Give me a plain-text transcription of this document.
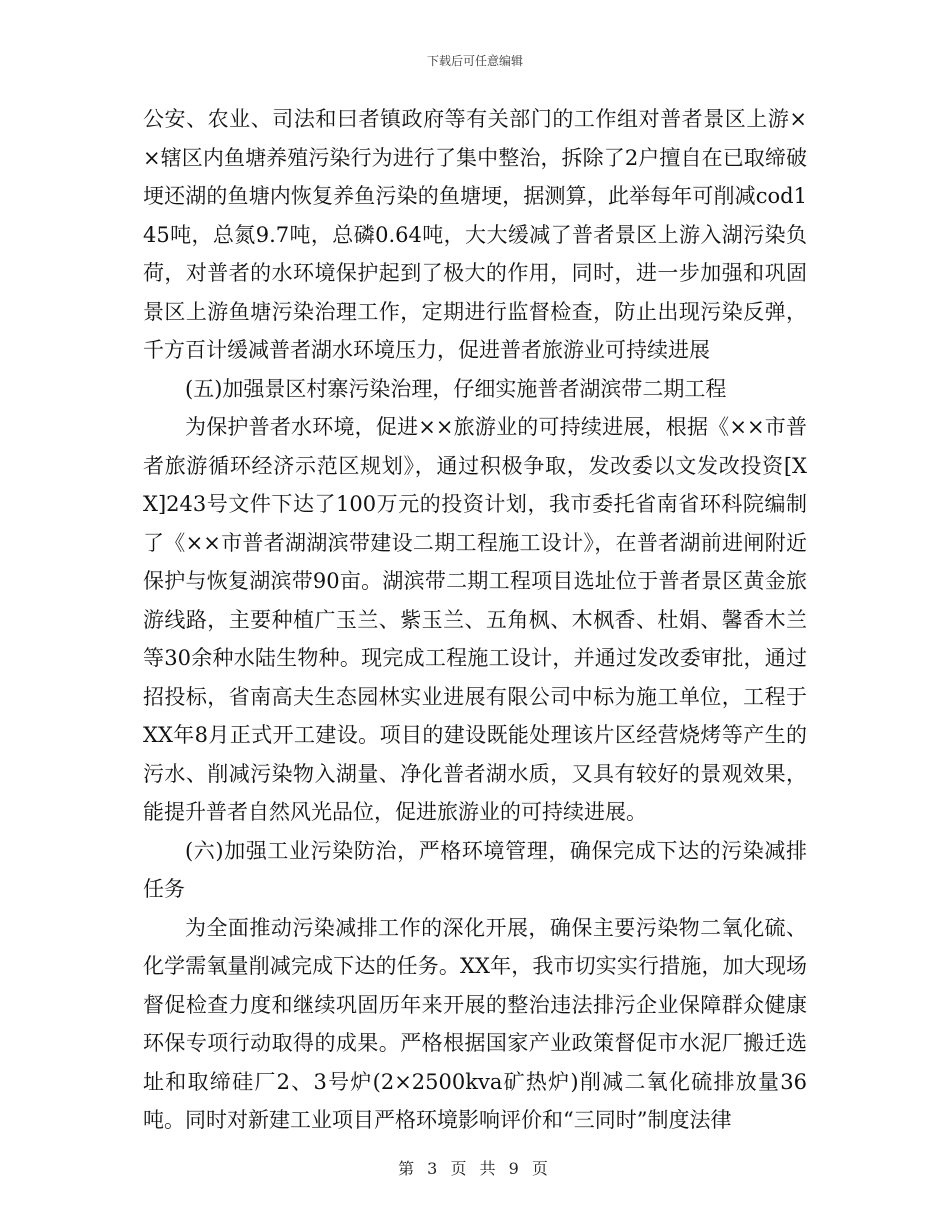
下载后可任意编辑

公安、农业、司法和曰者镇政府等有关部门的工作组对普者景区上游××辖区内鱼塘养殖污染行为进行了集中整治，拆除了2户擅自在已取缔破埂还湖的鱼塘内恢复养鱼污染的鱼塘埂，据测算，此举每年可削减cod145吨，总氮9.7吨，总磷0.64吨，大大缓减了普者景区上游入湖污染负荷，对普者的水环境保护起到了极大的作用，同时，进一步加强和巩固景区上游鱼塘污染治理工作，定期进行监督检查，防止出现污染反弹，千方百计缓减普者湖水环境压力，促进普者旅游业可持续进展

(五)加强景区村寨污染治理，仔细实施普者湖滨带二期工程

为保护普者水环境，促进××旅游业的可持续进展，根据《××市普者旅游循环经济示范区规划》，通过积极争取，发改委以文发改投资[XX]243号文件下达了100万元的投资计划，我市委托省南省环科院编制了《××市普者湖湖滨带建设二期工程施工设计》，在普者湖前进闸附近保护与恢复湖滨带90亩。湖滨带二期工程项目选址位于普者景区黄金旅游线路，主要种植广玉兰、紫玉兰、五角枫、木枫香、杜娟、馨香木兰等30余种水陆生物种。现完成工程施工设计，并通过发改委审批，通过招投标，省南高夫生态园林实业进展有限公司中标为施工单位，工程于XX年8月正式开工建设。项目的建设既能处理该片区经营烧烤等产生的污水、削减污染物入湖量、净化普者湖水质，又具有较好的景观效果，能提升普者自然风光品位，促进旅游业的可持续进展。

(六)加强工业污染防治，严格环境管理，确保完成下达的污染减排任务

为全面推动污染减排工作的深化开展，确保主要污染物二氧化硫、化学需氧量削减完成下达的任务。XX年，我市切实实行措施，加大现场督促检查力度和继续巩固历年来开展的整治违法排污企业保障群众健康环保专项行动取得的成果。严格根据国家产业政策督促市水泥厂搬迁选址和取缔硅厂2、3号炉(2×2500kva矿热炉)削减二氧化硫排放量36吨。同时对新建工业项目严格环境影响评价和“三同时”制度法律

第 3 页 共 9 页
